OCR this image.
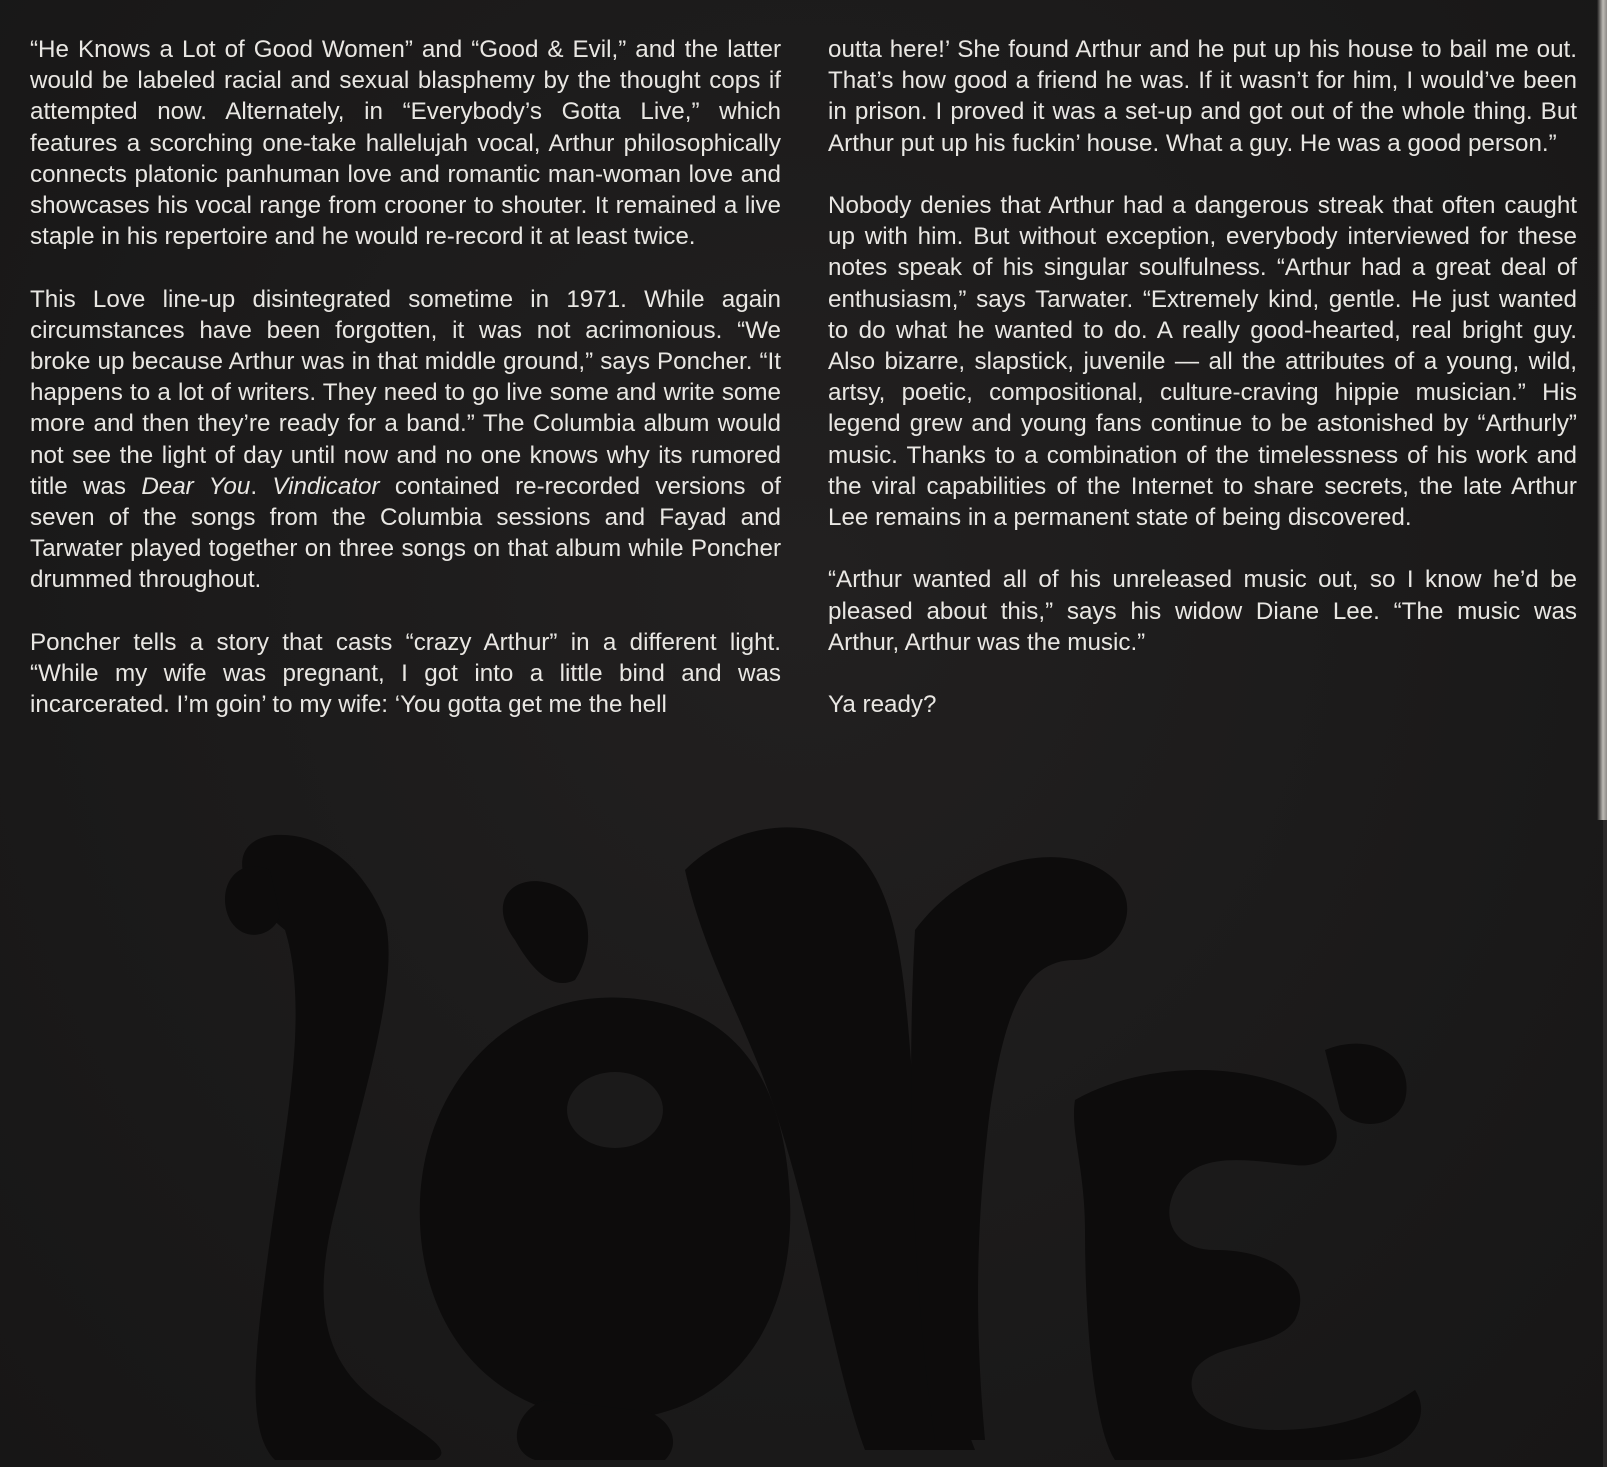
“He Knows a Lot of Good Women” and “Good & Evil,” and the latter would be labeled racial and sexual blasphemy by the thought cops if attempted now. Alternately, in “Everybody’s Gotta Live,” which features a scorching one-take hallelujah vocal, Arthur philosophically connects platonic panhuman love and romantic man-woman love and showcases his vocal range from crooner to shouter. It remained a live staple in his repertoire and he would re-record it at least twice.

This Love line-up disintegrated sometime in 1971. While again circumstances have been forgotten, it was not acrimonious. “We broke up because Arthur was in that middle ground,” says Poncher. “It happens to a lot of writers. They need to go live some and write some more and then they’re ready for a band.” The Columbia album would not see the light of day until now and no one knows why its rumored title was Dear You. Vindicator contained re-recorded versions of seven of the songs from the Columbia sessions and Fayad and Tarwater played together on three songs on that album while Poncher drummed throughout.

Poncher tells a story that casts “crazy Arthur” in a different light. “While my wife was pregnant, I got into a little bind and was incarcerated. I’m goin’ to my wife: ‘You gotta get me the hell

outta here!’ She found Arthur and he put up his house to bail me out. That’s how good a friend he was. If it wasn’t for him, I would’ve been in prison. I proved it was a set-up and got out of the whole thing. But Arthur put up his fuckin’ house. What a guy. He was a good person.”

Nobody denies that Arthur had a dangerous streak that often caught up with him. But without exception, everybody interviewed for these notes speak of his singular soulfulness. “Arthur had a great deal of enthusiasm,” says Tarwater. “Extremely kind, gentle. He just wanted to do what he wanted to do. A really good-hearted, real bright guy. Also bizarre, slapstick, juvenile — all the attributes of a young, wild, artsy, poetic, compositional, culture-craving hippie musician.” His legend grew and young fans continue to be astonished by “Arthurly” music. Thanks to a combination of the timelessness of his work and the viral capabilities of the Internet to share secrets, the late Arthur Lee remains in a permanent state of being discovered.

“Arthur wanted all of his unreleased music out, so I know he’d be pleased about this,” says his widow Diane Lee. “The music was Arthur, Arthur was the music.”

Ya ready?
